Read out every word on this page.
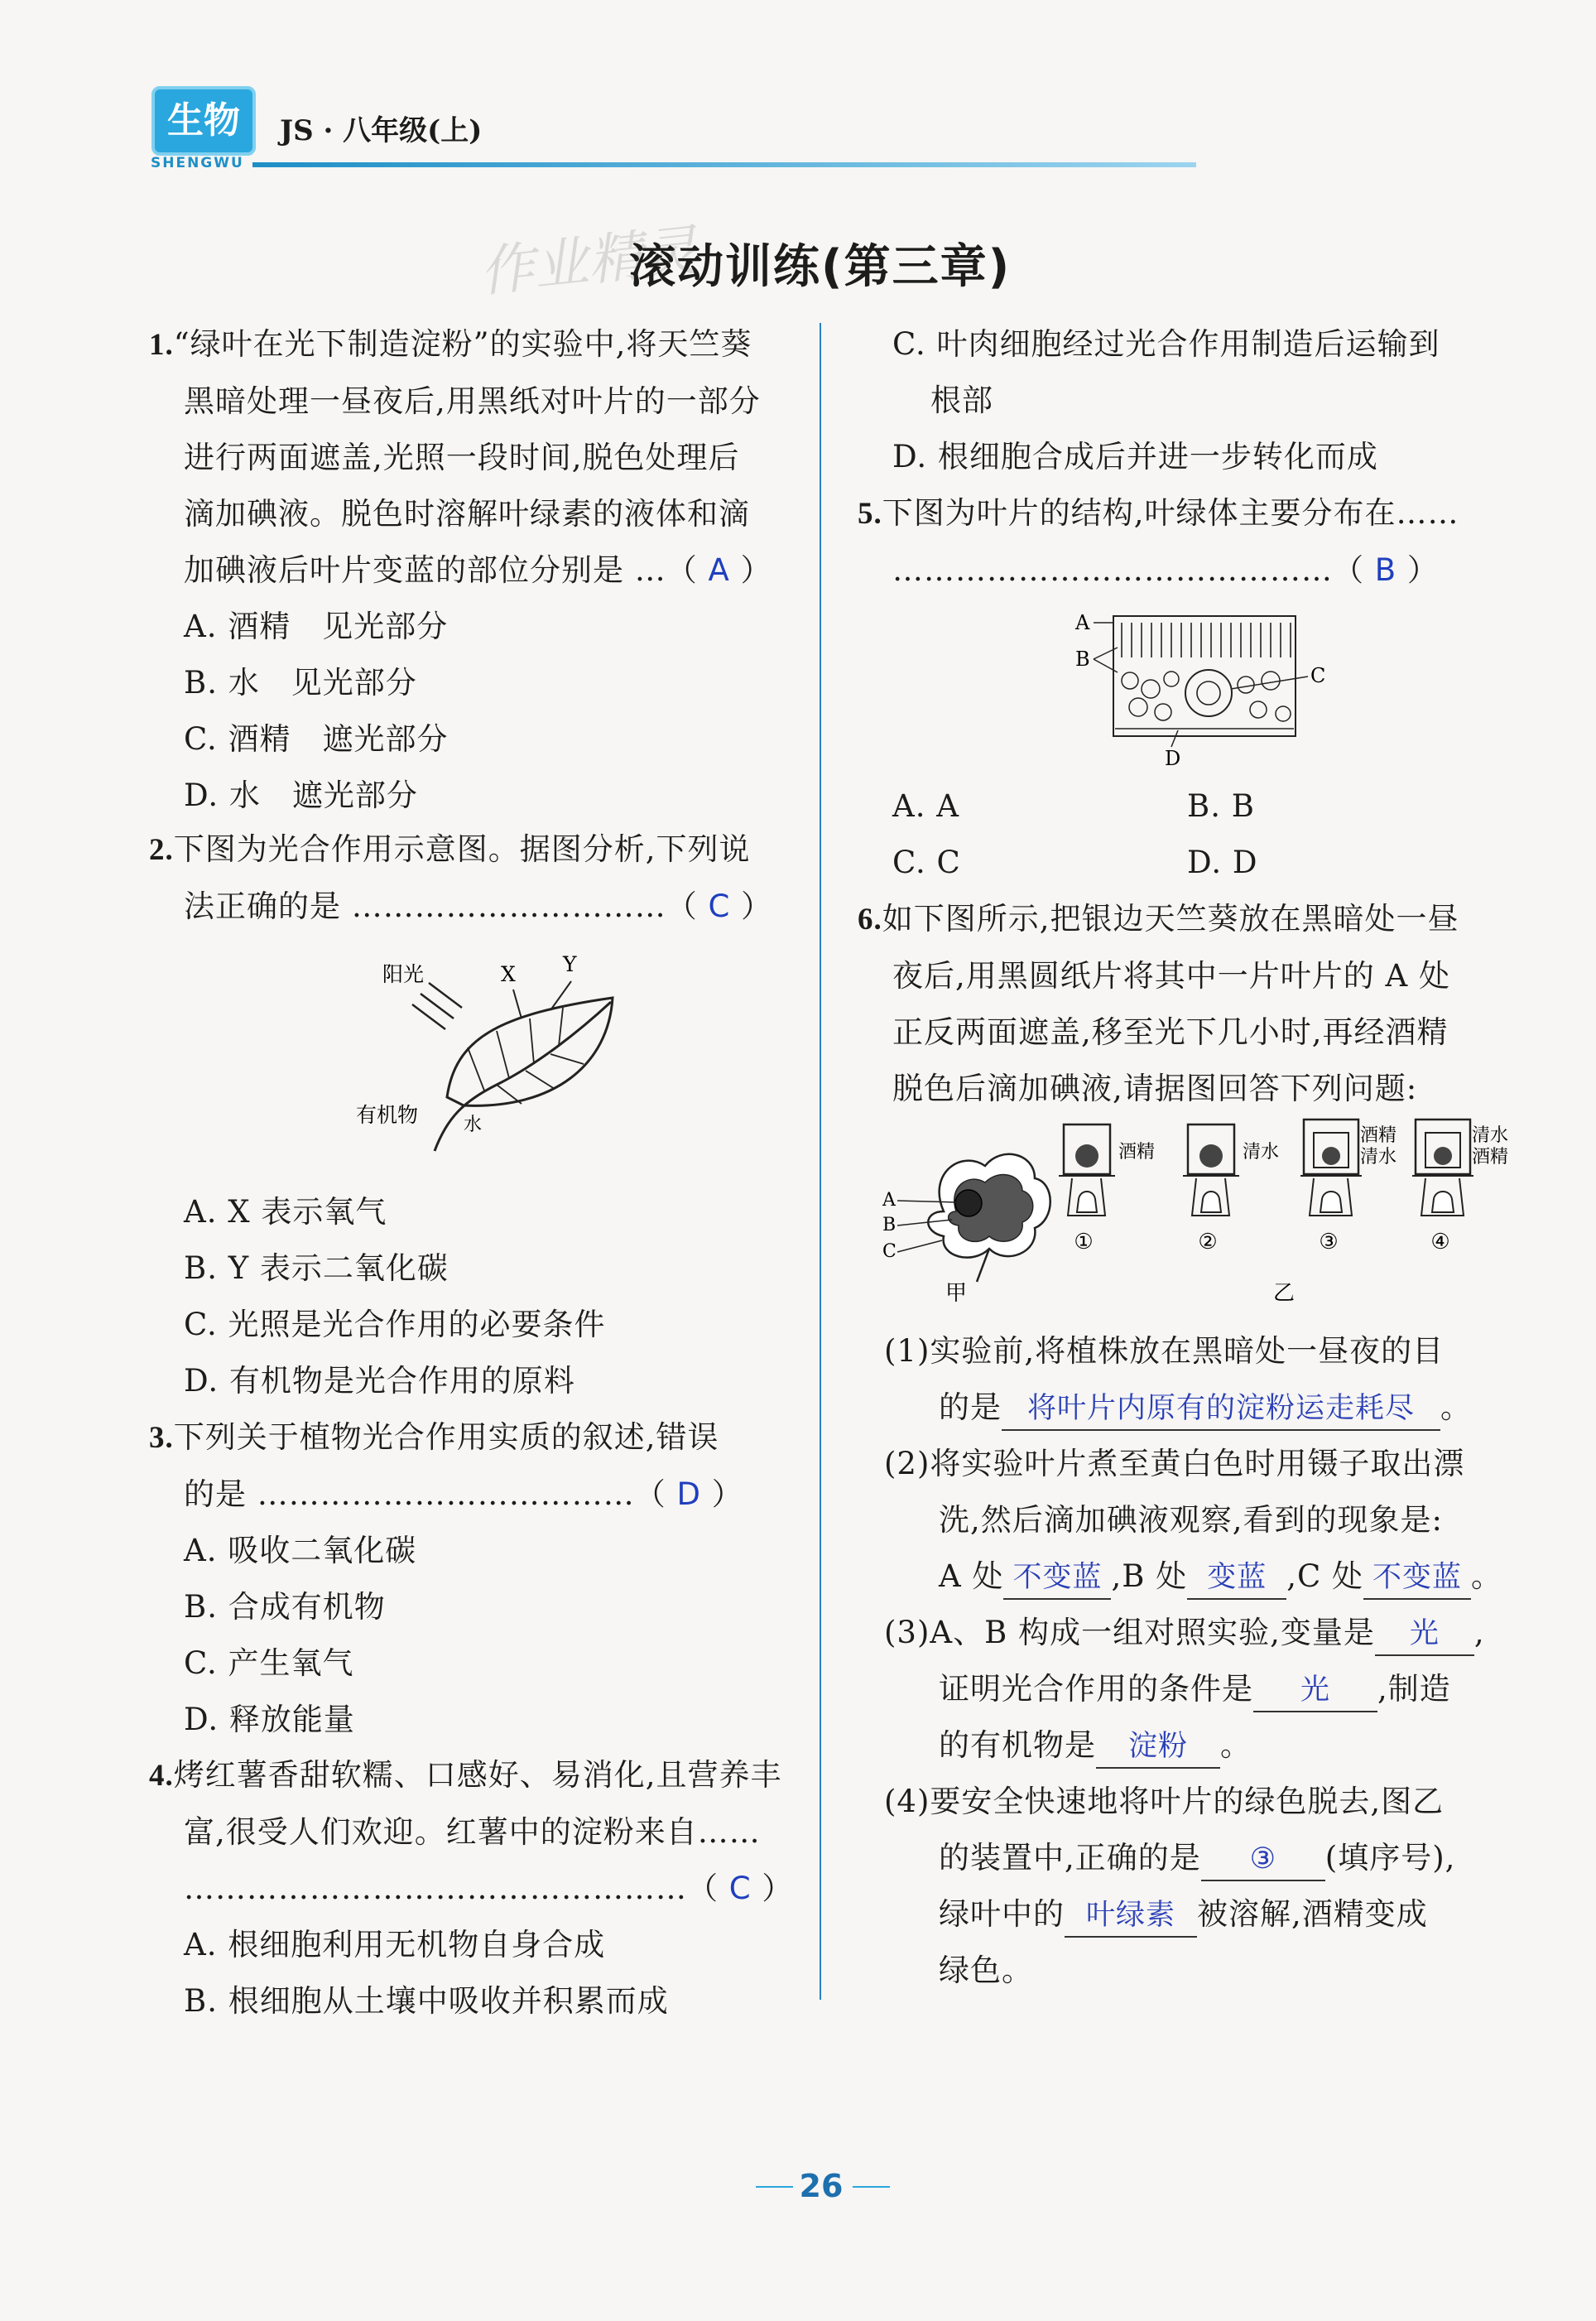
生物
SHENGWU
JS · 八年级(上)
作业精灵
滚动训练(第三章)
1.“绿叶在光下制造淀粉”的实验中,将天竺葵
黑暗处理一昼夜后,用黑纸对叶片的一部分
进行两面遮盖,光照一段时间,脱色处理后
滴加碘液。脱色时溶解叶绿素的液体和滴
加碘液后叶片变蓝的部位分别是 …（ A ）
A. 酒精　见光部分
B. 水　见光部分
C. 酒精　遮光部分
D. 水　遮光部分
2.下图为光合作用示意图。据图分析,下列说
法正确的是 …………………………（ C ）
阳光	X Y
有机物 水
A. X 表示氧气
B. Y 表示二氧化碳
C. 光照是光合作用的必要条件
D. 有机物是光合作用的原料
3.下列关于植物光合作用实质的叙述,错误
的是 ………………………………（ D ）
A. 吸收二氧化碳
B. 合成有机物
C. 产生氧气
D. 释放能量
4.烤红薯香甜软糯、口感好、易消化,且营养丰
富,很受人们欢迎。红薯中的淀粉来自……
…………………………………………（ C ）
A. 根细胞利用无机物自身合成
B. 根细胞从土壤中吸收并积累而成
C. 叶肉细胞经过光合作用制造后运输到
根部
D. 根细胞合成后并进一步转化而成
5.下图为叶片的结构,叶绿体主要分布在……
……………………………………（ B ）
A
B
C
D
A. A	B. B
C. C	D. D
6.如下图所示,把银边天竺葵放在黑暗处一昼
夜后,用黑圆纸片将其中一片叶片的 A 处
正反两面遮盖,移至光下几小时,再经酒精
脱色后滴加碘液,请据图回答下列问题:
A
B
C
甲	乙
①
酒精
②
清水
③
酒精
清水
④
清水
酒精
(1)实验前,将植株放在黑暗处一昼夜的目
的是 将叶片内原有的淀粉运走耗尽 。
(2)将实验叶片煮至黄白色时用镊子取出漂
洗,然后滴加碘液观察,看到的现象是:
A 处 不变蓝 ,B 处 变蓝 ,C 处 不变蓝 。
(3)A、B 构成一组对照实验,变量是 光 ,
证明光合作用的条件是 光 ,制造
的有机物是 淀粉 。
(4)要安全快速地将叶片的绿色脱去,图乙
的装置中,正确的是 ③ (填序号),
绿叶中的 叶绿素 被溶解,酒精变成
绿色。
26
